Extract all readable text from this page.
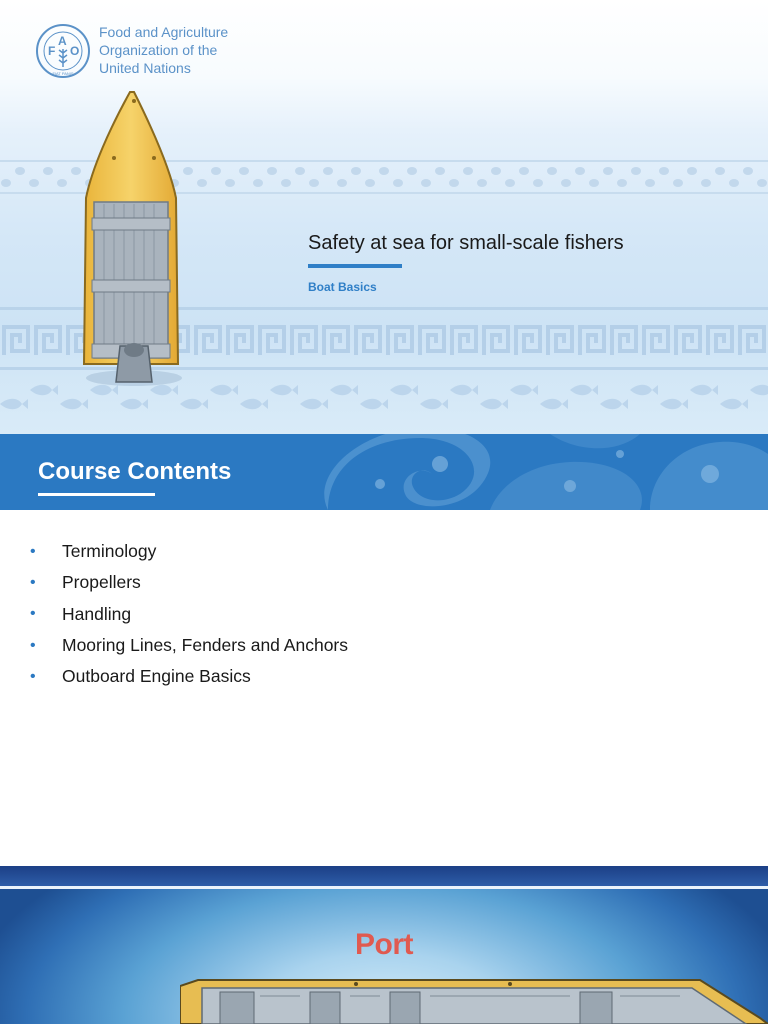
F
A
O
FIAT PANIS
Food and Agriculture
Organization of the
United Nations
Safety at sea for small-scale fishers
Boat Basics
Course Contents
•	Terminology
•	Propellers
•	Handling
•	Mooring Lines, Fenders and Anchors
•	Outboard Engine Basics
Port
